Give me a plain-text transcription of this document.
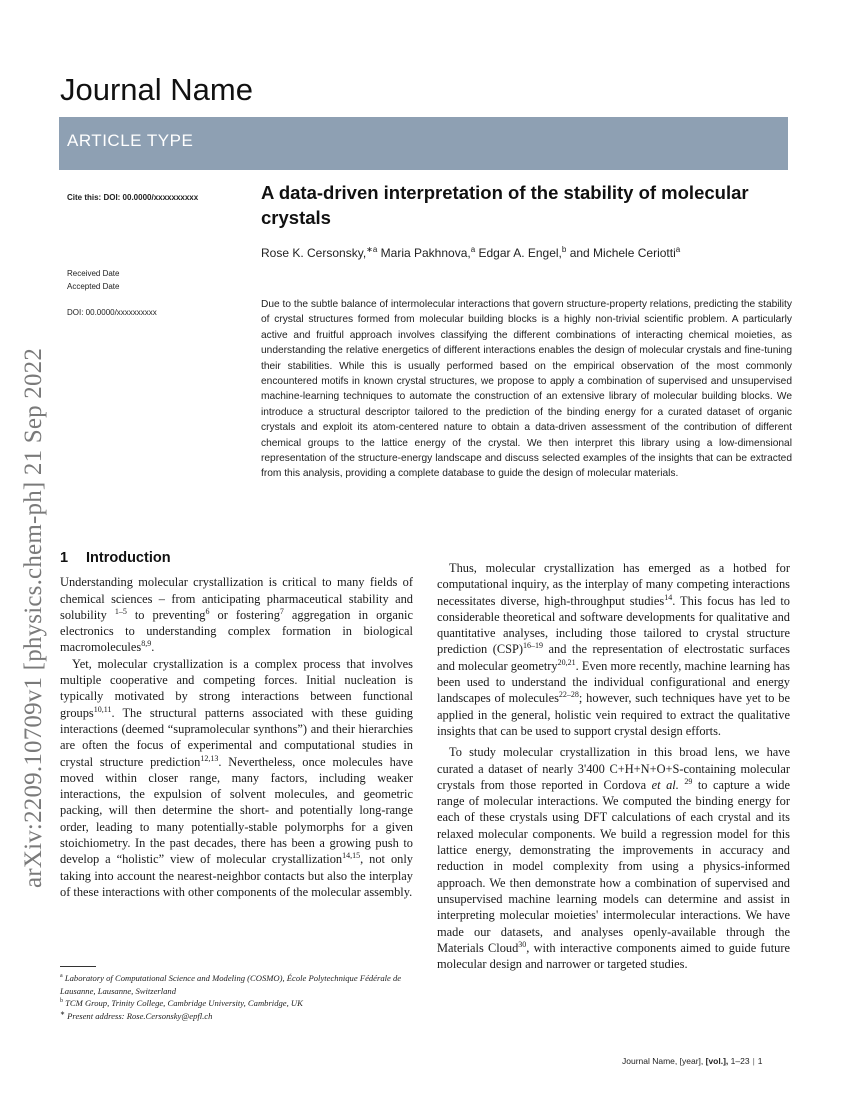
Journal Name
ARTICLE TYPE
arXiv:2209.10709v1 [physics.chem-ph] 21 Sep 2022
Cite this: DOI: 00.0000/xxxxxxxxxx
Received Date
Accepted Date
DOI: 00.0000/xxxxxxxxxx
A data-driven interpretation of the stability of molecular crystals
Rose K. Cersonsky,$^{∗a}$ Maria Pakhnova,$^a$ Edgar A. Engel,$^b$ and Michele Ceriotti$^a$

Due to the subtle balance of intermolecular interactions that govern structure-property relations, predicting the stability of crystal structures formed from molecular building blocks is a highly non-trivial scientific problem. A particularly active and fruitful approach involves classifying the different combinations of interacting chemical moieties, as understanding the relative energetics of different interactions enables the design of molecular crystals and fine-tuning their stabilities. While this is usually performed based on the empirical observation of the most commonly encountered motifs in known crystal structures, we propose to apply a combination of supervised and unsupervised machine-learning techniques to automate the construction of an extensive library of molecular building blocks. We introduce a structural descriptor tailored to the prediction of the binding energy for a curated dataset of organic crystals and exploit its atom-centered nature to obtain a data-driven assessment of the contribution of different chemical groups to the lattice energy of the crystal. We then interpret this library using a low-dimensional representation of the structure-energy landscape and discuss selected examples of the insights that can be extracted from this analysis, providing a complete database to guide the design of molecular materials.

1 Introduction

Understanding molecular crystallization is critical to many fields of chemical sciences – from anticipating pharmaceutical stability and solubility $^{1-5}$ to preventing$^6$ or fostering$^7$ aggregation in organic electronics to understanding complex formation in biological macromolecules$^{8,9}$.

Yet, molecular crystallization is a complex process that involves multiple cooperative and competing forces. Initial nucleation is typically motivated by strong interactions between functional groups$^{10,11}$. The structural patterns associated with these guiding interactions (deemed “supramolecular synthons”) and their hierarchies are often the focus of experimental and computational studies in crystal structure prediction$^{12,13}$. Nevertheless, once molecules have moved within closer range, many factors, including weaker interactions, the expulsion of solvent molecules, and geometric packing, will then determine the short- and potentially long-range order, leading to many potentially-stable polymorphs for a given stoichiometry. In the past decades, there has been a growing push to develop a “holistic” view of molecular crystallization$^{14,15}$, not only taking into account the nearest-neighbor contacts but also the interplay of these interactions with other components of the molecular assembly.

Thus, molecular crystallization has emerged as a hotbed for computational inquiry, as the interplay of many competing interactions necessitates diverse, high-throughput studies$^{14}$. This focus has led to considerable theoretical and software developments for qualitative and quantitative analyses, including those tailored to crystal structure prediction (CSP)$^{16-19}$ and the representation of electrostatic surfaces and molecular geometry$^{20,21}$. Even more recently, machine learning has been used to understand the individual configurational and energy landscapes of molecules$^{22-28}$; however, such techniques have yet to be applied in the general, holistic vein required to extract the qualitative insights that can be used to support crystal design efforts.

To study molecular crystallization in this broad lens, we have curated a dataset of nearly 3'400 C+H+N+O+S-containing molecular crystals from those reported in Cordova et al. $^{29}$ to capture a wide range of molecular interactions. We computed the binding energy for each of these crystals using DFT calculations of each crystal and its relaxed molecular components. We build a regression model for this lattice energy, demonstrating the improvements in accuracy and reduction in model complexity from using a physics-informed approach. We then demonstrate how a combination of supervised and unsupervised machine learning models can determine and assist in interpreting molecular moieties' intermolecular interactions. We have made our datasets, and analyses openly-available through the Materials Cloud$^{30}$, with interactive components aimed to guide future molecular design and narrower or targeted studies.

$^a$ Laboratory of Computational Science and Modeling (COSMO), École Polytechnique Fédérale de Lausanne, Lausanne, Switzerland
$^b$ TCM Group, Trinity College, Cambridge University, Cambridge, UK
∗ Present address: Rose.Cersonsky@epfl.ch
Journal Name, [year], [vol.], 1–23 | 1
